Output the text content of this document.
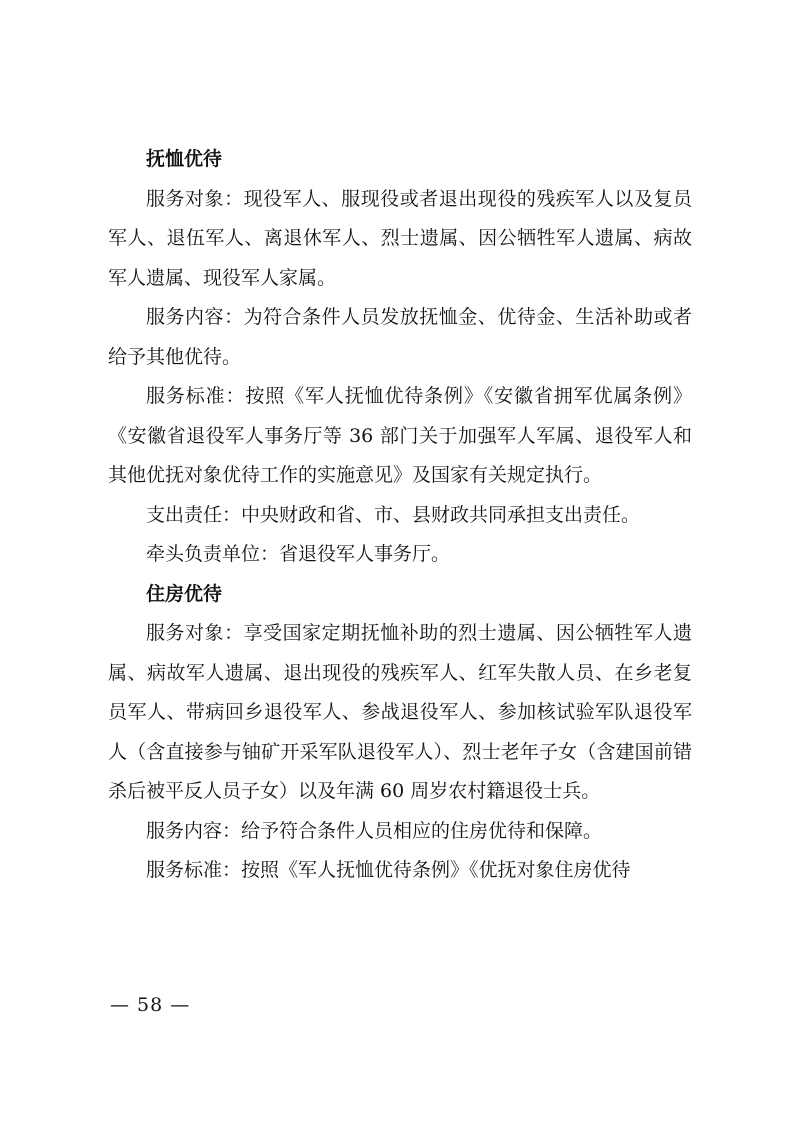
抚恤优待

服务对象：现役军人、服现役或者退出现役的残疾军人以及复员军人、退伍军人、离退休军人、烈士遗属、因公牺牲军人遗属、病故军人遗属、现役军人家属。

服务内容：为符合条件人员发放抚恤金、优待金、生活补助或者给予其他优待。

服务标准：按照《军人抚恤优待条例》《安徽省拥军优属条例》《安徽省退役军人事务厅等 36 部门关于加强军人军属、退役军人和其他优抚对象优待工作的实施意见》及国家有关规定执行。

支出责任：中央财政和省、市、县财政共同承担支出责任。

牵头负责单位：省退役军人事务厅。

住房优待

服务对象：享受国家定期抚恤补助的烈士遗属、因公牺牲军人遗属、病故军人遗属、退出现役的残疾军人、红军失散人员、在乡老复员军人、带病回乡退役军人、参战退役军人、参加核试验军队退役军人（含直接参与铀矿开采军队退役军人）、烈士老年子女（含建国前错杀后被平反人员子女）以及年满 60 周岁农村籍退役士兵。

服务内容：给予符合条件人员相应的住房优待和保障。

服务标准：按照《军人抚恤优待条例》《优抚对象住房优待

— 58 —
